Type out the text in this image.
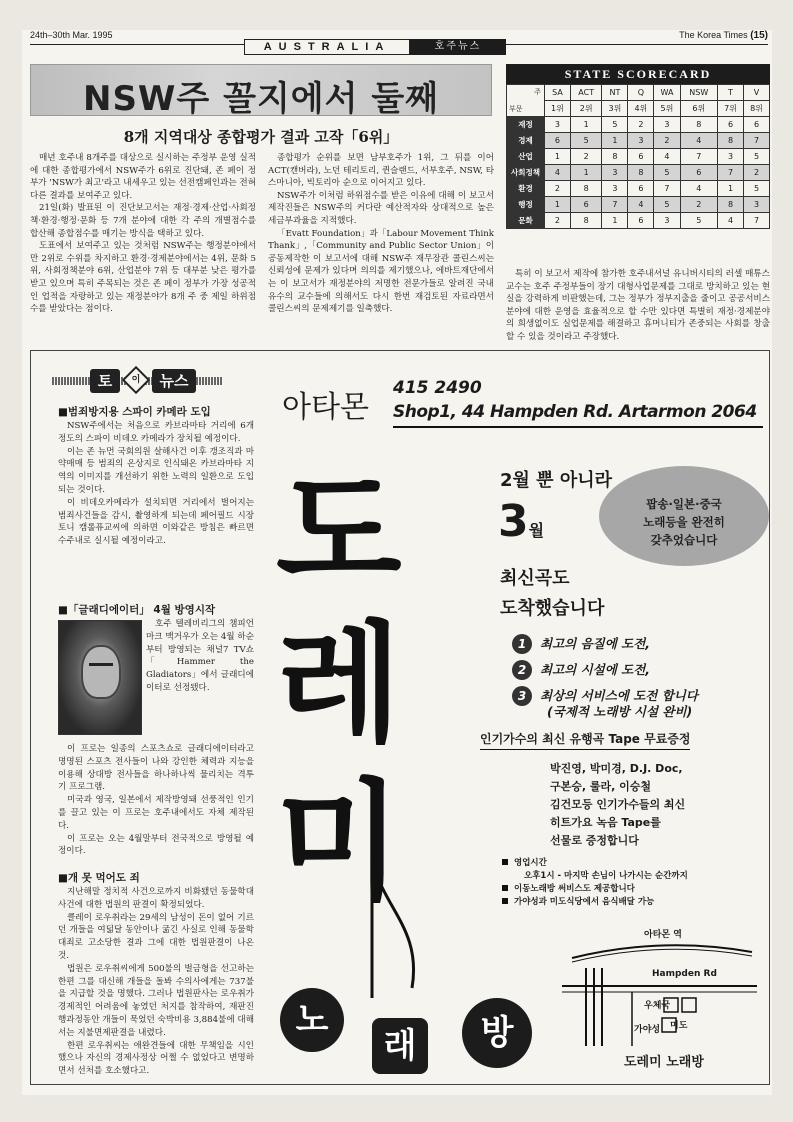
24th–30th Mar. 1995
AUSTRALIA	호주뉴스
The Korea Times (15)
NSW주 꼴지에서 둘째
8개 지역대상 종합평가 결과 고작「6위」

매년 호주내 8개주를 대상으로 실시하는 주정부 운영 실적에 대한 종합평가에서 NSW주가 6위로 진단돼, 존 페이 정부가 'NSW가 최고'라고 내세우고 있는 선전캠페인과는 전혀 다른 결과를 보여주고 있다.

21일(화) 발표된 이 진단보고서는 재정·경제·산업·사회정책·환경·행정·문화 등 7개 분야에 대한 각 주의 개별점수를 합산해 종합점수를 매기는 방식을 택하고 있다.

도표에서 보여주고 있는 것처럼 NSW주는 행정분야에서만 2위로 수위를 차지하고 환경·경제분야에서는 4위, 문화 5위, 사회정책분야 6위, 산업분야 7위 등 대부분 낮은 평가를 받고 있으며 특히 주목되는 것은 존 페이 정부가 가장 성공적인 업적을 자랑하고 있는 재정분야가 8개 주 중 제일 하위점수를 받았다는 점이다.

종합평가 순위를 보면 남부호주가 1위, 그 뒤를 이어 ACT(캔버라), 노던 테리토리, 퀸슬랜드, 서부호주, NSW, 타스마니아, 빅토리아 순으로 이어지고 있다.

NSW주가 이처럼 하위점수를 받은 이유에 대해 이 보고서 제작진들은 NSW주의 커다란 예산적자와 상대적으로 높은 세금부과율을 지적했다.

「Evatt Foundation」과「Labour Movement Think Thank」,「Community and Public Sector Union」이 공동제작한 이 보고서에 대해 NSW주 재무장관 콜린스씨는 신뢰성에 문제가 있다며 의의를 제기했으나, 에바트재단에서는 이 보고서가 재정분야의 저명한 전문가들로 알려진 국내유수의 교수들에 의해서도 다시 한번 재검토된 자료라면서 콜린스씨의 문제제기를 일축했다.

특히 이 보고서 제작에 참가한 호주내셔널 유니버시티의 러셀 매튜스 교수는 호주 주정부들이 장기 대형사업문제를 그대로 방치하고 있는 현실을 강력하게 비판했는데, 그는 정부가 정부지출을 줄이고 공공서비스분야에 대한 운영을 효율적으로 할 수만 있다면 특별히 재정·경제분야의 희생없이도 실업문제를 해결하고 휴머니티가 존중되는 사회를 창출할 수 있을 것이라고 주장했다.

STATE SCORECARD
주
부문	SA	ACT	NT	Q	WA	NSW	T	V
	1위	2위	3위	4위	5위	6위	7위	8위
재정	3	1	5	2	3	8	6	6
경제	6	5	1	3	2	4	8	7
산업	1	2	8	6	4	7	3	5
사회정책	4	1	3	8	5	6	7	2
환경	2	8	3	6	7	4	1	5
행정	1	6	7	4	5	2	8	3
문화	2	8	1	6	3	5	4	7
토	이	뉴스
■범죄방지용 스파이 카메라 도입

NSW주에서는 처음으로 카브라마타 거리에 6개 정도의 스파이 비데오 카메라가 장치될 예정이다.

이는 존 뉴먼 국회의원 살해사건 이후 갱조직과 마약매매 등 범죄의 온상지로 인식돼온 카브라마타 지역의 이미지를 개선하기 위한 노력의 일환으로 도입되는 것이다.

이 비데오카메라가 설치되면 거리에서 벌어지는 범죄사건들을 감시, 촬영하게 되는데 페어필드 시장 토니 캠롤퓨교씨에 의하면 이와같은 방침은 빠르면 수주내로 실시될 예정이라고.

■「글래디에이터」 4월 방영시작

호주 텔레비리그의 챔피언 마크 맥거우가 오는 4월 하순부터 방영되는 채널7 TV쇼「Hammer the Gladiators」에서 글래디에이터로 선정됐다.

이 프로는 일종의 스포츠쇼로 글래디에이터라고 명명된 스포츠 전사들이 나와 강인한 체력과 지능을 이용해 상대방 전사들을 하나하나씩 물리치는 격투기 프로그램.

미국과 영국, 일본에서 제작방영돼 선풍적인 인기를 끌고 있는 이 프로는 호주내에서도 자체 제작된다.

이 프로는 오는 4월말부터 전국적으로 방영될 예정이다.

■개 못 먹어도 죄

지난해말 정치적 사건으로까지 비화됐던 동물학대사건에 대한 법원의 판결이 확정되었다.

클레이 로우취라는 29세의 남성이 돈이 없어 기르던 개들을 여덟달 동안이나 굶긴 사실로 인해 동물학대죄로 고소당한 결과 그에 대한 법원판결이 나온 것.

법원은 로우취씨에게 500불의 벌금형을 선고하는 한편 그를 대신해 개들을 돌봐 수의사에게는 737불을 지급할 것을 명했다. 그러나 법원판사는 로우취가 경제적인 어려움에 놓였던 처지를 참작하여, 재판진행과정동안 개들이 묵었던 숙박비용 3,884불에 대해서는 지불면제판결을 내렸다.

한편 로우취씨는 애완견들에 대한 무책임을 시인했으나 자신의 경제사정상 어쩔 수 없었다고 변명하면서 선처를 호소했다고.

아타몬
415 2490
Shop1, 44 Hampden Rd. Artarmon 2064
도
레
미
노
래	방
팝송·일본·중국
노래등을 완전히
갖추었습니다
2월 뿐 아니라
3월
최신곡도
도착했습니다
1 최고의 음질에 도전,
2 최고의 시설에 도전,
3 최상의 서비스에 도전 합니다
(국제적 노래방 시설 완비)
인기가수의 최신 유행곡 Tape 무료증정
박진영, 박미경, D.J. Doc,
구본승, 룰라, 이승철
김건모등 인기가수들의 최신
히트가요 녹음 Tape를
선물로 증정합니다
영업시간
오후1시 - 마지막 손님이 나가시는 순간까지
이동노래방 써비스도 제공합니다
가야성과 미도식당에서 음식배달 가능
아타몬 역
Hampden Rd
우체국
가야성 미도
도레미 노래방
